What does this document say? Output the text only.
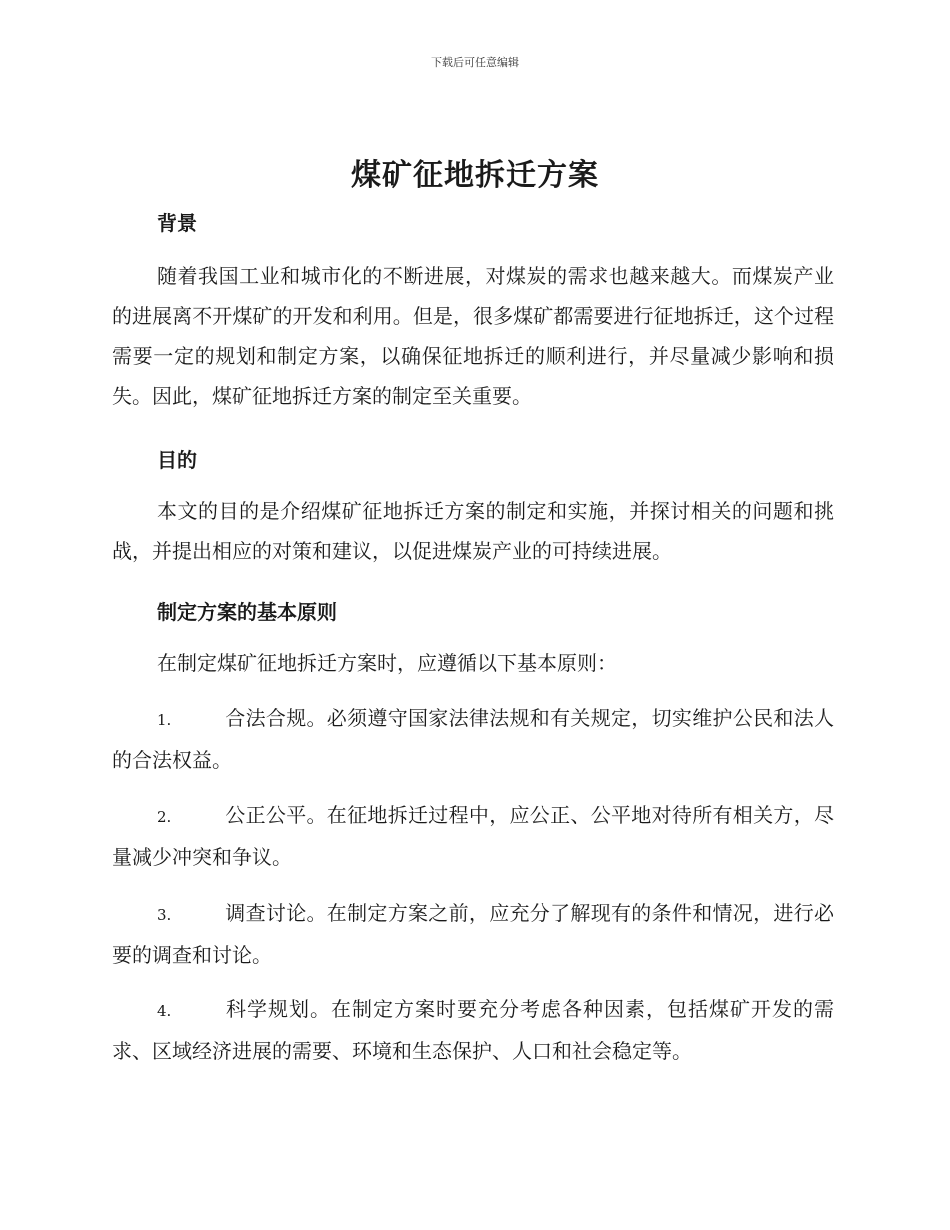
下载后可任意编辑
煤矿征地拆迁方案
背景
随着我国工业和城市化的不断进展，对煤炭的需求也越来越大。而煤炭产业的进展离不开煤矿的开发和利用。但是，很多煤矿都需要进行征地拆迁，这个过程需要一定的规划和制定方案，以确保征地拆迁的顺利进行，并尽量减少影响和损失。因此，煤矿征地拆迁方案的制定至关重要。
目的
本文的目的是介绍煤矿征地拆迁方案的制定和实施，并探讨相关的问题和挑战，并提出相应的对策和建议，以促进煤炭产业的可持续进展。
制定方案的基本原则
在制定煤矿征地拆迁方案时，应遵循以下基本原则：
1.	合法合规。必须遵守国家法律法规和有关规定，切实维护公民和法人的合法权益。
2.	公正公平。在征地拆迁过程中，应公正、公平地对待所有相关方，尽量减少冲突和争议。
3.	调查讨论。在制定方案之前，应充分了解现有的条件和情况，进行必要的调查和讨论。
4.	科学规划。在制定方案时要充分考虑各种因素，包括煤矿开发的需求、区域经济进展的需要、环境和生态保护、人口和社会稳定等。
